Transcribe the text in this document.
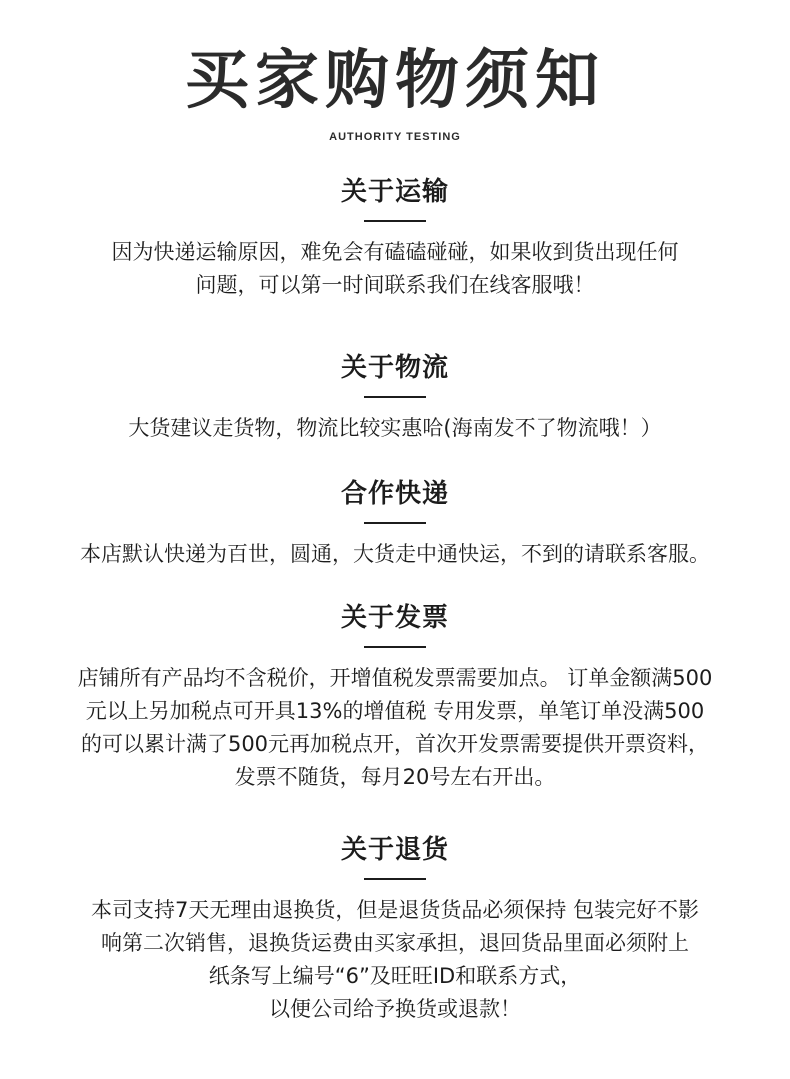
买家购物须知
AUTHORITY TESTING
关于运输
因为快递运输原因，难免会有磕磕碰碰，如果收到货出现任何
问题，可以第一时间联系我们在线客服哦！
关于物流
大货建议走货物，物流比较实惠哈(海南发不了物流哦！）
合作快递
本店默认快递为百世，圆通，大货走中通快运，不到的请联系客服。
关于发票
店铺所有产品均不含税价，开增值税发票需要加点。 订单金额满500
元以上另加税点可开具13%的增值税 专用发票，单笔订单没满500
的可以累计满了500元再加税点开，首次开发票需要提供开票资料，
发票不随货，每月20号左右开出。
关于退货
本司支持7天无理由退换货，但是退货货品必须保持 包装完好不影
响第二次销售，退换货运费由买家承担，退回货品里面必须附上
纸条写上编号“6”及旺旺ID和联系方式，
以便公司给予换货或退款！
